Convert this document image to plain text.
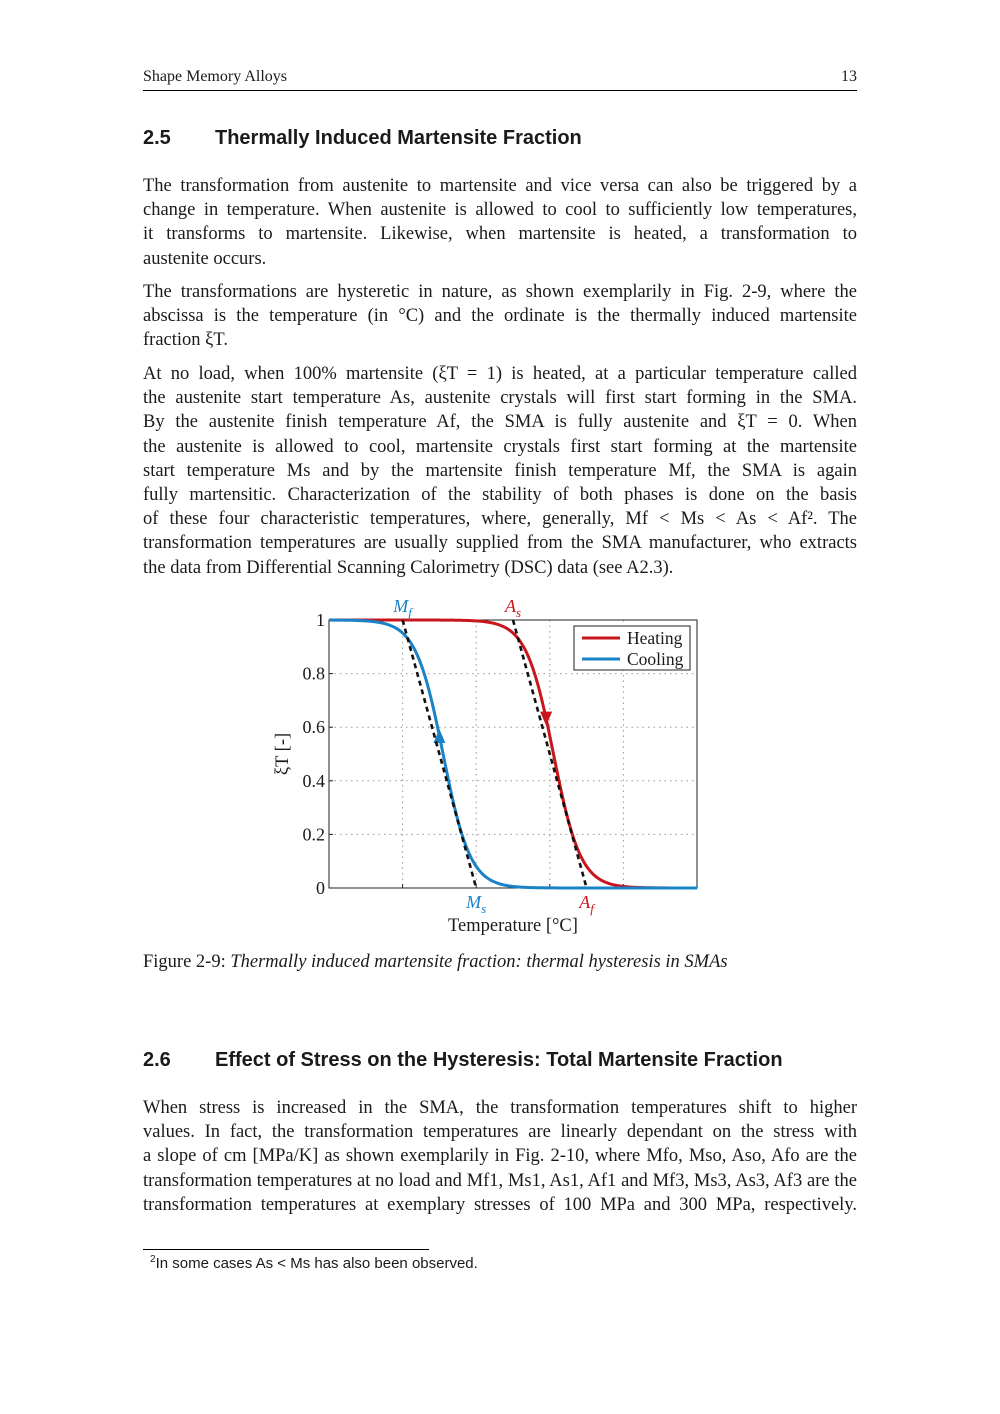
Shape Memory Alloys	13
2.5 Thermally Induced Martensite Fraction
The transformation from austenite to martensite and vice versa can also be triggered by a
change in temperature. When austenite is allowed to cool to sufficiently low temperatures,
it transforms to martensite. Likewise, when martensite is heated, a transformation to
austenite occurs.
The transformations are hysteretic in nature, as shown exemplarily in Fig. 2-9, where the
abscissa is the temperature (in °C) and the ordinate is the thermally induced martensite
fraction ξT.
At no load, when 100% martensite (ξT = 1) is heated, at a particular temperature called
the austenite start temperature As, austenite crystals will first start forming in the SMA.
By the austenite finish temperature Af, the SMA is fully austenite and ξT = 0. When
the austenite is allowed to cool, martensite crystals first start forming at the martensite
start temperature Ms and by the martensite finish temperature Mf, the SMA is again
fully martensitic. Characterization of the stability of both phases is done on the basis
of these four characteristic temperatures, where, generally, Mf < Ms < As < Af². The
transformation temperatures are usually supplied from the SMA manufacturer, who extracts
the data from Differential Scanning Calorimetry (DSC) data (see A2.3).
0
0.2
0.4
0.6
0.8
1
Temperature [°C]
ξT [-]
$M_f$	$A_s$
$M_s$	$A_f$
Heating
Cooling
Figure 2-9: Thermally induced martensite fraction: thermal hysteresis in SMAs
2.6 Effect of Stress on the Hysteresis: Total Martensite Fraction
When stress is increased in the SMA, the transformation temperatures shift to higher
values. In fact, the transformation temperatures are linearly dependant on the stress with
a slope of cm [MPa/K] as shown exemplarily in Fig. 2-10, where Mfo, Mso, Aso, Afo are the
transformation temperatures at no load and Mf1, Ms1, As1, Af1 and Mf3, Ms3, As3, Af3 are the
transformation temperatures at exemplary stresses of 100 MPa and 300 MPa, respectively.
$^2$In some cases As < Ms has also been observed.
